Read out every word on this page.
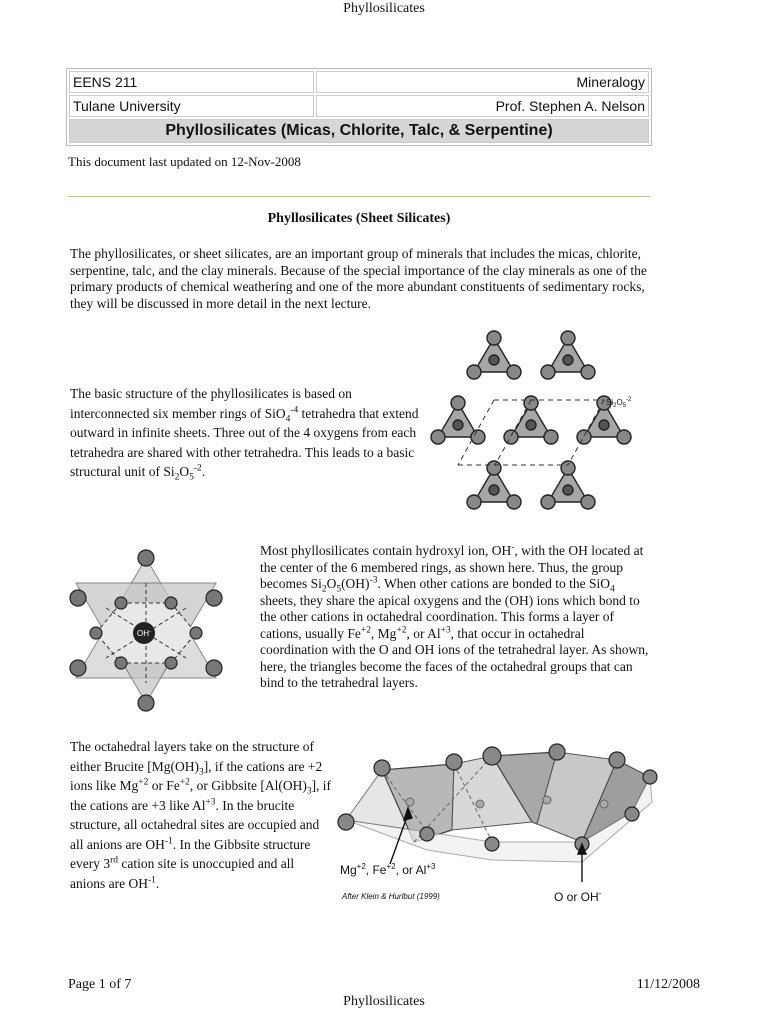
Phyllosilicates
EENS 211	Mineralogy
Tulane University	Prof. Stephen A. Nelson
Phyllosilicates (Micas, Chlorite, Talc, & Serpentine)	
This document last updated on 12-Nov-2008
Phyllosilicates (Sheet Silicates)
The phyllosilicates, or sheet silicates, are an important group of minerals that includes the micas, chlorite, serpentine, talc, and the clay minerals. Because of the special importance of the clay minerals as one of the primary products of chemical weathering and one of the more abundant constituents of sedimentary rocks, they will be discussed in more detail in the next lecture.
The basic structure of the phyllosilicates is based on interconnected six member rings of SiO$_4^{-4}$ tetrahedra that extend outward in infinite sheets. Three out of the 4 oxygens from each tetrahedra are shared with other tetrahedra. This leads to a basic structural unit of $Si_2O_5^{-2}$.
$Si_2O_5^{-2}$
Most phyllosilicates contain hydroxyl ion, OH-, with the OH located at the center of the 6 membered rings, as shown here. Thus, the group becomes $Si_2O_5(OH)^{-3}$. When other cations are bonded to the SiO$_4$ sheets, they share the apical oxygens and the (OH) ions which bond to the other cations in octahedral coordination. This forms a layer of cations, usually $Fe^{+2}$, $Mg^{+2}$, or $Al^{+3}$, that occur in octahedral coordination with the O and OH ions of the tetrahedral layer. As shown, here, the triangles become the faces of the octahedral groups that can bind to the tetrahedral layers.
OH-
The octahedral layers take on the structure of either Brucite $[Mg(OH)_3]$, if the cations are +2 ions like $Mg^{+2}$ or $Fe^{+2}$, or Gibbsite $[Al(OH)_3]$, if the cations are +3 like $Al^{+3}$. In the brucite structure, all octahedral sites are occupied and all anions are $OH^{-1}$. In the Gibbsite structure every 3rd cation site is unoccupied and all anions are $OH^{-1}$.
$Mg^{+2}$, $Fe^{+2}$, or $Al^{+3}$
After Klein & Hurlbut (1999)	O or OH-
Page 1 of 7	11/12/2008
Phyllosilicates
